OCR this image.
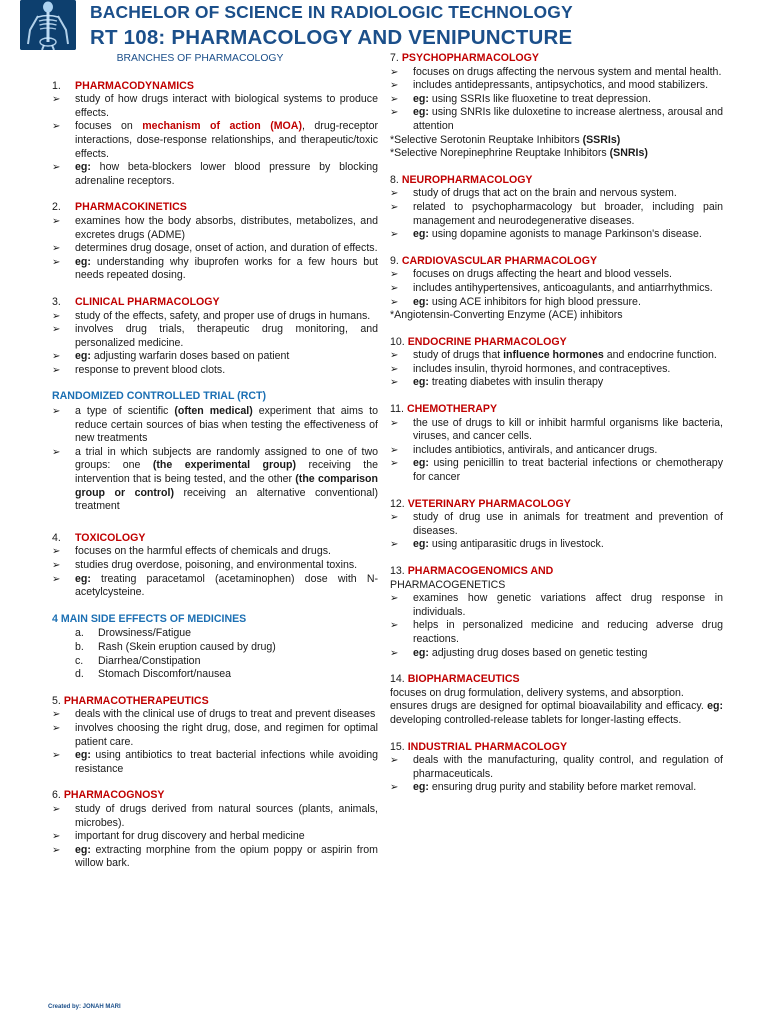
BACHELOR OF SCIENCE IN RADIOLOGIC TECHNOLOGY
RT 108: PHARMACOLOGY AND VENIPUNCTURE
BRANCHES OF PHARMACOLOGY
1.	PHARMACODYNAMICS
➢ study of how drugs interact with biological systems to produce effects.
➢ focuses on mechanism of action (MOA), drug-receptor interactions, dose-response relationships, and therapeutic/toxic effects.
➢ eg: how beta-blockers lower blood pressure by blocking adrenaline receptors.
2.	PHARMACOKINETICS
➢ examines how the body absorbs, distributes, metabolizes, and excretes drugs (ADME)
➢ determines drug dosage, onset of action, and duration of effects.
➢ eg: understanding why ibuprofen works for a few hours but needs repeated dosing.
3.	CLINICAL PHARMACOLOGY
➢ study of the effects, safety, and proper use of drugs in humans.
➢ involves drug trials, therapeutic drug monitoring, and personalized medicine.
➢ eg: adjusting warfarin doses based on patient
➢ response to prevent blood clots.
RANDOMIZED CONTROLLED TRIAL (RCT)
➢ a type of scientific (often medical) experiment that aims to reduce certain sources of bias when testing the effectiveness of new treatments
➢ a trial in which subjects are randomly assigned to one of two groups: one (the experimental group) receiving the intervention that is being tested, and the other (the comparison group or control) receiving an alternative conventional) treatment
4.	TOXICOLOGY
➢ focuses on the harmful effects of chemicals and drugs.
➢ studies drug overdose, poisoning, and environmental toxins.
➢ eg: treating paracetamol (acetaminophen) dose with N-acetylcysteine.
4 MAIN SIDE EFFECTS OF MEDICINES
a.	Drowsiness/Fatigue
b.	Rash (Skein eruption caused by drug)
c.	Diarrhea/Constipation
d.	Stomach Discomfort/nausea
5. PHARMACOTHERAPEUTICS
➢ deals with the clinical use of drugs to treat and prevent diseases
➢ involves choosing the right drug, dose, and regimen for optimal patient care.
➢ eg: using antibiotics to treat bacterial infections while avoiding resistance
6. PHARMACOGNOSY
➢ study of drugs derived from natural sources (plants, animals, microbes).
➢ important for drug discovery and herbal medicine
➢ eg: extracting morphine from the opium poppy or aspirin from willow bark.
7. PSYCHOPHARMACOLOGY
➢ focuses on drugs affecting the nervous system and mental health.
➢ includes antidepressants, antipsychotics, and mood stabilizers.
➢ eg: using SSRIs like fluoxetine to treat depression.
➢ eg: using SNRIs like duloxetine to increase alertness, arousal and attention
*Selective Serotonin Reuptake Inhibitors (SSRIs)
*Selective Norepinephrine Reuptake Inhibitors (SNRIs)
8. NEUROPHARMACOLOGY
➢ study of drugs that act on the brain and nervous system.
➢ related to psychopharmacology but broader, including pain management and neurodegenerative diseases.
➢ eg: using dopamine agonists to manage Parkinson's disease.
9. CARDIOVASCULAR PHARMACOLOGY
➢ focuses on drugs affecting the heart and blood vessels.
➢ includes antihypertensives, anticoagulants, and antiarrhythmics.
➢ eg: using ACE inhibitors for high blood pressure.
*Angiotensin-Converting Enzyme (ACE) inhibitors
10. ENDOCRINE PHARMACOLOGY
➢ study of drugs that influence hormones and endocrine function.
➢ includes insulin, thyroid hormones, and contraceptives.
➢ eg: treating diabetes with insulin therapy
11. CHEMOTHERAPY
➢ the use of drugs to kill or inhibit harmful organisms like bacteria, viruses, and cancer cells.
➢ includes antibiotics, antivirals, and anticancer drugs.
➢ eg: using penicillin to treat bacterial infections or chemotherapy for cancer
12. VETERINARY PHARMACOLOGY
➢ study of drug use in animals for treatment and prevention of diseases.
➢ eg: using antiparasitic drugs in livestock.
13. PHARMACOGENOMICS AND
PHARMACOGENETICS
➢ examines how genetic variations affect drug response in individuals.
➢ helps in personalized medicine and reducing adverse drug reactions.
➢ eg: adjusting drug doses based on genetic testing
14. BIOPHARMACEUTICS
focuses on drug formulation, delivery systems, and absorption.
ensures drugs are designed for optimal bioavailability and efficacy. eg: developing controlled-release tablets for longer-lasting effects.
15. INDUSTRIAL PHARMACOLOGY
➢ deals with the manufacturing, quality control, and regulation of pharmaceuticals.
➢ eg: ensuring drug purity and stability before market removal.
Created by: JONAH MARI
